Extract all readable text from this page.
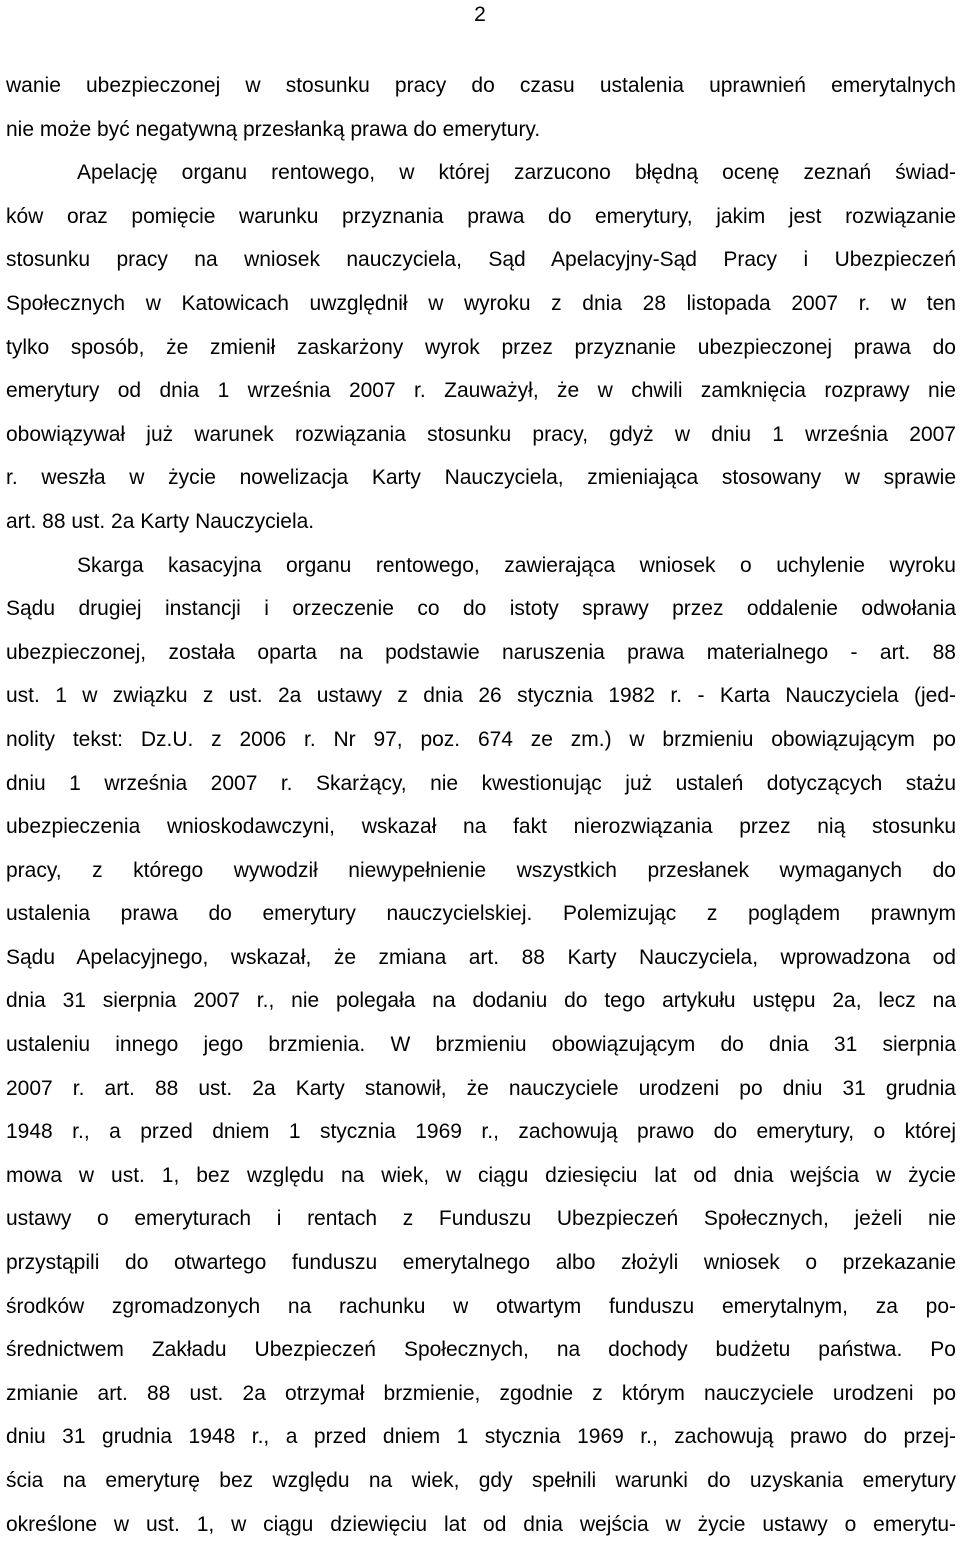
2
wanie ubezpieczonej w stosunku pracy do czasu ustalenia uprawnień emerytalnych
nie może być negatywną przesłanką prawa do emerytury.
Apelację organu rentowego, w której zarzucono błędną ocenę zeznań świad-
ków oraz pomięcie warunku przyznania prawa do emerytury, jakim jest rozwiązanie
stosunku pracy na wniosek nauczyciela, Sąd Apelacyjny-Sąd Pracy i Ubezpieczeń
Społecznych w Katowicach uwzględnił w wyroku z dnia 28 listopada 2007 r. w ten
tylko sposób, że zmienił zaskarżony wyrok przez przyznanie ubezpieczonej prawa do
emerytury od dnia 1 września 2007 r. Zauważył, że w chwili zamknięcia rozprawy nie
obowiązywał już warunek rozwiązania stosunku pracy, gdyż w dniu 1 września 2007
r. weszła w życie nowelizacja Karty Nauczyciela, zmieniająca stosowany w sprawie
art. 88 ust. 2a Karty Nauczyciela.
Skarga kasacyjna organu rentowego, zawierająca wniosek o uchylenie wyroku
Sądu drugiej instancji i orzeczenie co do istoty sprawy przez oddalenie odwołania
ubezpieczonej, została oparta na podstawie naruszenia prawa materialnego - art. 88
ust. 1 w związku z ust. 2a ustawy z dnia 26 stycznia 1982 r. - Karta Nauczyciela (jed-
nolity tekst: Dz.U. z 2006 r. Nr 97, poz. 674 ze zm.) w brzmieniu obowiązującym po
dniu 1 września 2007 r. Skarżący, nie kwestionując już ustaleń dotyczących stażu
ubezpieczenia wnioskodawczyni, wskazał na fakt nierozwiązania przez nią stosunku
pracy, z którego wywodził niewypełnienie wszystkich przesłanek wymaganych do
ustalenia prawa do emerytury nauczycielskiej. Polemizując z poglądem prawnym
Sądu Apelacyjnego, wskazał, że zmiana art. 88 Karty Nauczyciela, wprowadzona od
dnia 31 sierpnia 2007 r., nie polegała na dodaniu do tego artykułu ustępu 2a, lecz na
ustaleniu innego jego brzmienia. W brzmieniu obowiązującym do dnia 31 sierpnia
2007 r. art. 88 ust. 2a Karty stanowił, że nauczyciele urodzeni po dniu 31 grudnia
1948 r., a przed dniem 1 stycznia 1969 r., zachowują prawo do emerytury, o której
mowa w ust. 1, bez względu na wiek, w ciągu dziesięciu lat od dnia wejścia w życie
ustawy o emeryturach i rentach z Funduszu Ubezpieczeń Społecznych, jeżeli nie
przystąpili do otwartego funduszu emerytalnego albo złożyli wniosek o przekazanie
środków zgromadzonych na rachunku w otwartym funduszu emerytalnym, za po-
średnictwem Zakładu Ubezpieczeń Społecznych, na dochody budżetu państwa. Po
zmianie art. 88 ust. 2a otrzymał brzmienie, zgodnie z którym nauczyciele urodzeni po
dniu 31 grudnia 1948 r., a przed dniem 1 stycznia 1969 r., zachowują prawo do przej-
ścia na emeryturę bez względu na wiek, gdy spełnili warunki do uzyskania emerytury
określone w ust. 1, w ciągu dziewięciu lat od dnia wejścia w życie ustawy o emerytu-
